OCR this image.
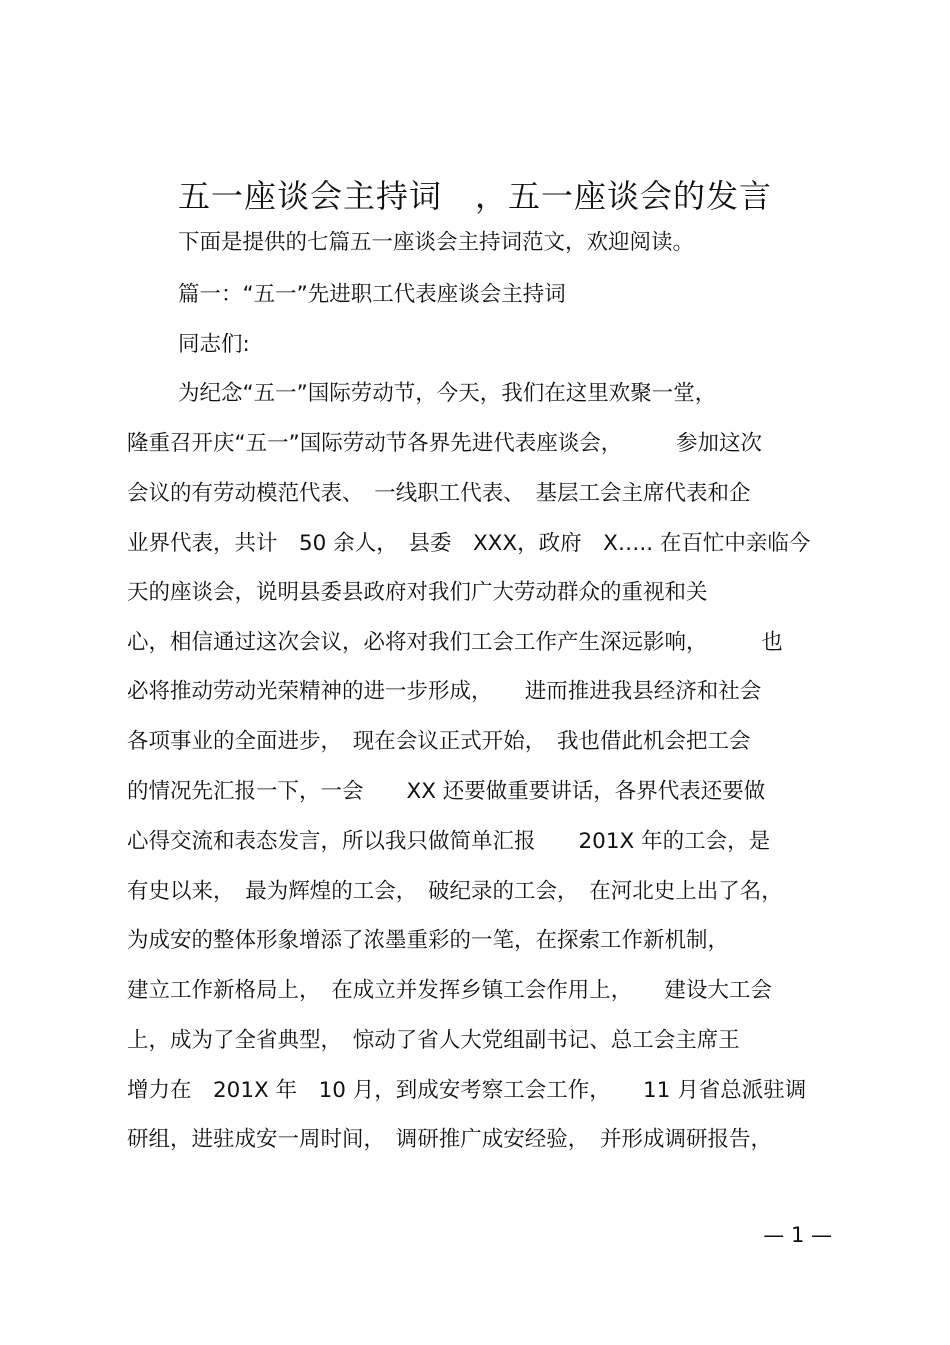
五一座谈会主持词　，五一座谈会的发言
下面是提供的七篇五一座谈会主持词范文，欢迎阅读。
篇一：“五一”先进职工代表座谈会主持词
同志们:
为纪念“五一”国际劳动节，今天，我们在这里欢聚一堂，
隆重召开庆“五一”国际劳动节各界先进代表座谈会，　　　参加这次
会议的有劳动模范代表、　一线职工代表、　基层工会主席代表和企
业界代表，共计　50 余人，　县委　XXX，政府　X….. 在百忙中亲临今
天的座谈会，说明县委县政府对我们广大劳动群众的重视和关
心，相信通过这次会议，必将对我们工会工作产生深远影响，　　　也
必将推动劳动光荣精神的进一步形成，　　进而推进我县经济和社会
各项事业的全面进步，　现在会议正式开始，　我也借此机会把工会
的情况先汇报一下，一会　　XX 还要做重要讲话，各界代表还要做
心得交流和表态发言，所以我只做简单汇报　　201X 年的工会，是
有史以来，　最为辉煌的工会，　破纪录的工会，　在河北史上出了名，
为成安的整体形象增添了浓墨重彩的一笔，在探索工作新机制，
建立工作新格局上，　在成立并发挥乡镇工会作用上，　　建设大工会
上，成为了全省典型，　惊动了省人大党组副书记、总工会主席王
增力在　201X 年　10 月，到成安考察工会工作，　　11 月省总派驻调
研组，进驻成安一周时间，　调研推广成安经验，　并形成调研报告，
— 1 —
